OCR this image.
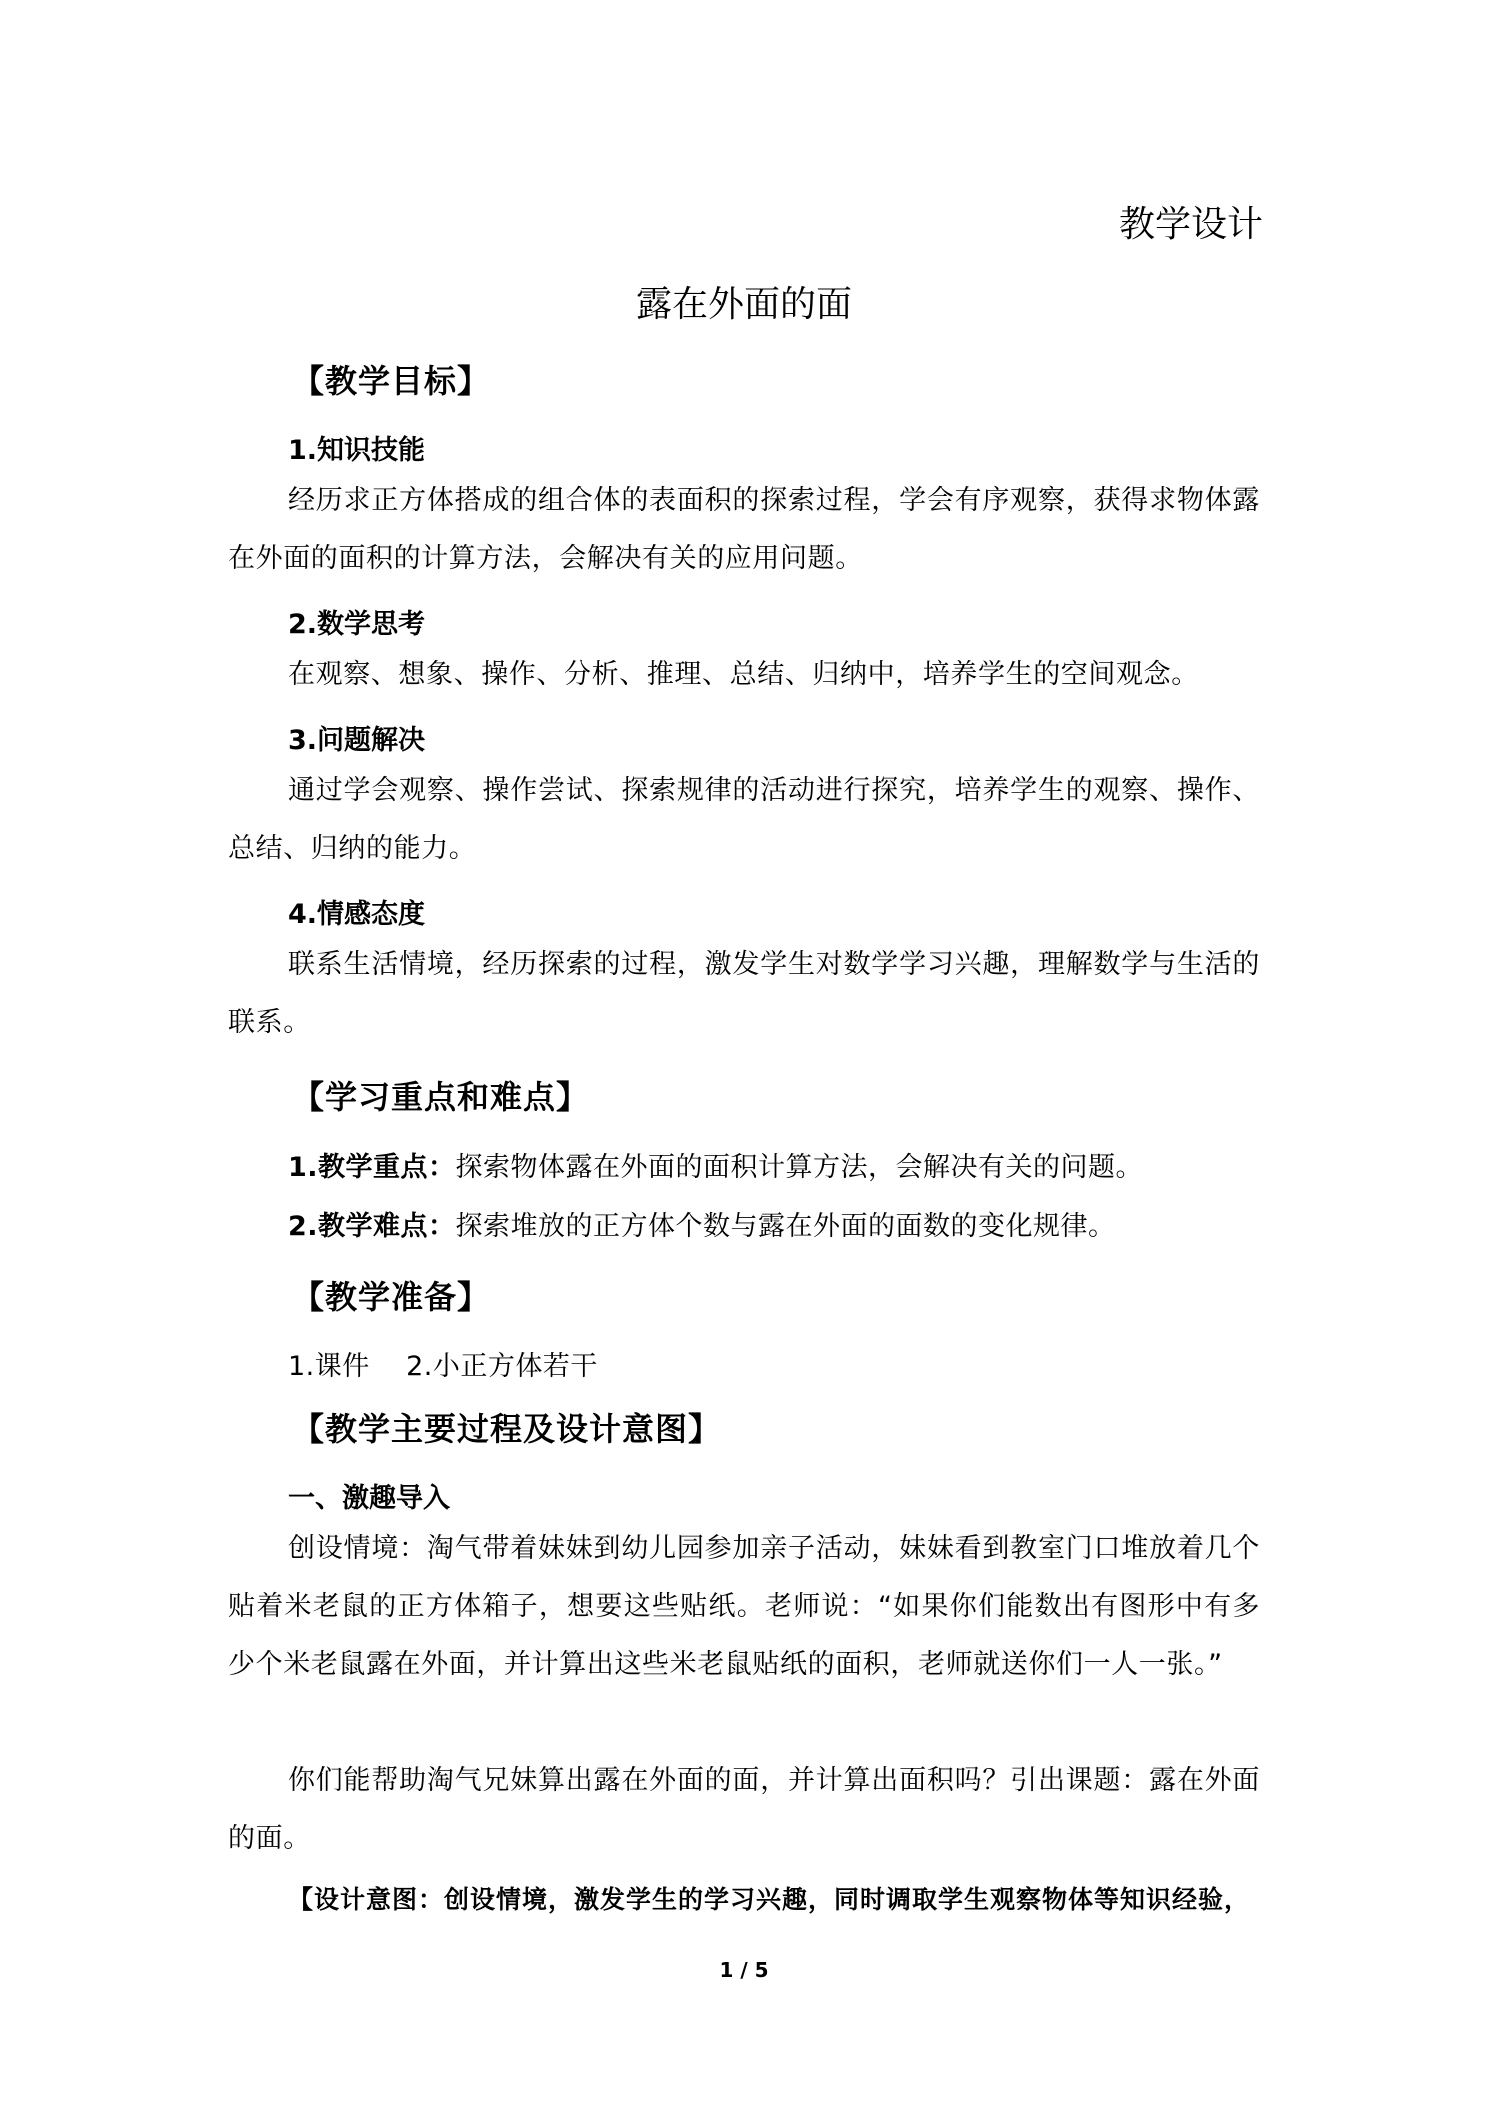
教学设计
露在外面的面
【教学目标】
1.知识技能
经历求正方体搭成的组合体的表面积的探索过程，学会有序观察，获得求物体露在外面的面积的计算方法，会解决有关的应用问题。
2.数学思考
在观察、想象、操作、分析、推理、总结、归纳中，培养学生的空间观念。
3.问题解决
通过学会观察、操作尝试、探索规律的活动进行探究，培养学生的观察、操作、总结、归纳的能力。
4.情感态度
联系生活情境，经历探索的过程，激发学生对数学学习兴趣，理解数学与生活的联系。
【学习重点和难点】
1.教学重点：探索物体露在外面的面积计算方法，会解决有关的问题。
2.教学难点：探索堆放的正方体个数与露在外面的面数的变化规律。
【教学准备】
1.课件    2.小正方体若干
【教学主要过程及设计意图】
一、激趣导入
创设情境：淘气带着妹妹到幼儿园参加亲子活动，妹妹看到教室门口堆放着几个贴着米老鼠的正方体箱子，想要这些贴纸。老师说：“如果你们能数出有图形中有多少个米老鼠露在外面，并计算出这些米老鼠贴纸的面积，老师就送你们一人一张。”
你们能帮助淘气兄妹算出露在外面的面，并计算出面积吗？引出课题：露在外面的面。
【设计意图：创设情境，激发学生的学习兴趣，同时调取学生观察物体等知识经验，
1 / 5
